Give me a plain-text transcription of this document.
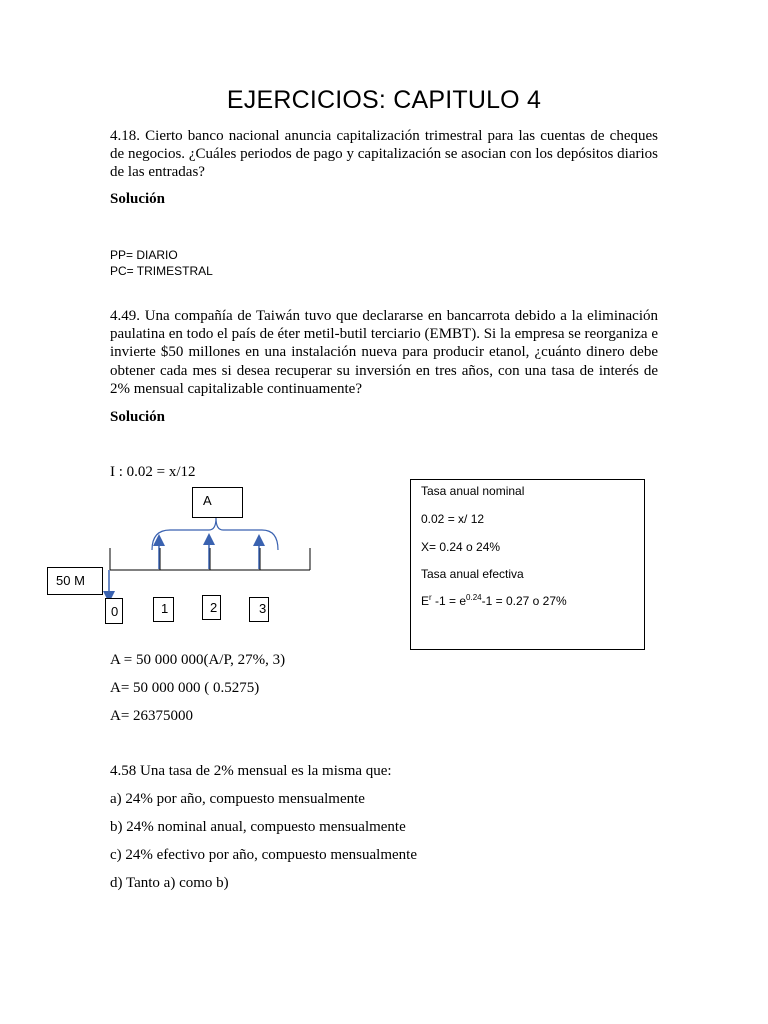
EJERCICIOS: CAPITULO 4
4.18. Cierto banco nacional anuncia capitalización trimestral para las cuentas de cheques de negocios. ¿Cuáles periodos de pago y capitalización se asocian con los depósitos diarios de las entradas?
Solución
PP= DIARIO
PC= TRIMESTRAL
4.49. Una compañía de Taiwán tuvo que declararse en bancarrota debido a la eliminación paulatina en todo el país de éter metil-butil terciario (EMBT). Si la empresa se reorganiza e invierte $50 millones en una instalación nueva para producir etanol, ¿cuánto dinero debe obtener cada mes si desea recuperar su inversión en tres años, con una tasa de interés de 2% mensual capitalizable continuamente?
Solución
I : 0.02 = x/12
A
50 M
0	1	2	3
Tasa anual nominal
0.02 = x/ 12
X= 0.24 o 24%
Tasa anual efectiva
$E^r$ $-1 = e^{0.24}-1 = 0.27$ o 27%
A = 50 000 000(A/P, 27%, 3)
A= 50 000 000 ( 0.5275)
A= 26375000
4.58 Una tasa de 2% mensual es la misma que:
a) 24% por año, compuesto mensualmente
b) 24% nominal anual, compuesto mensualmente
c) 24% efectivo por año, compuesto mensualmente
d) Tanto a) como b)
